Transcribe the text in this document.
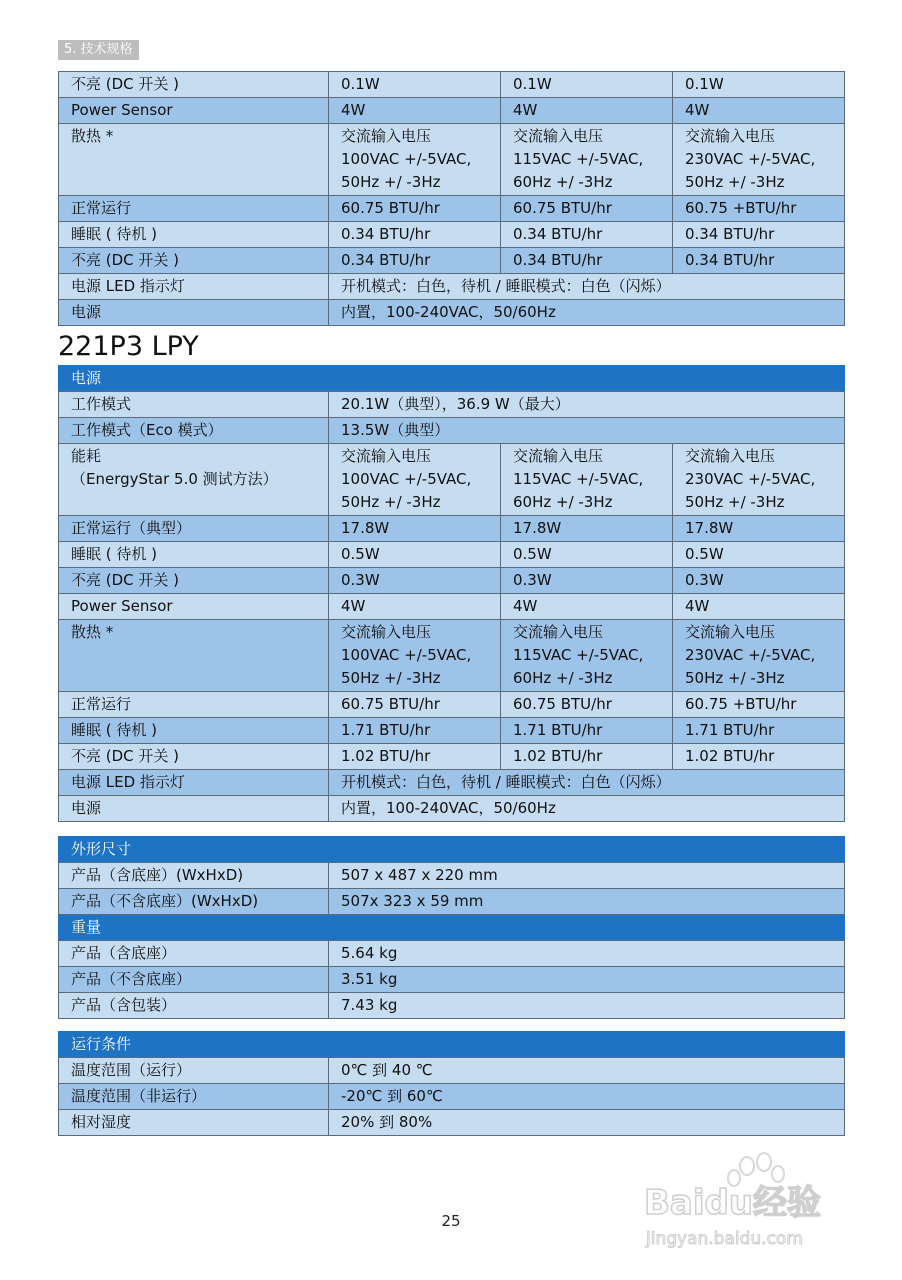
5. 技术规格
不亮 (DC 开关 )	0.1W	0.1W	0.1W
Power Sensor	4W	4W	4W
散热 *	交流输入电压
100VAC +/-5VAC,
50Hz +/ -3Hz	交流输入电压
115VAC +/-5VAC,
60Hz +/ -3Hz	交流输入电压
230VAC +/-5VAC,
50Hz +/ -3Hz
正常运行	60.75 BTU/hr	60.75 BTU/hr	60.75 +BTU/hr
睡眠 ( 待机 )	0.34 BTU/hr	0.34 BTU/hr	0.34 BTU/hr
不亮 (DC 开关 )	0.34 BTU/hr	0.34 BTU/hr	0.34 BTU/hr
电源 LED 指示灯	开机模式：白色，待机 / 睡眠模式：白色（闪烁）		
电源	内置，100-240VAC，50/60Hz		
221P3 LPY
电源			
工作模式	20.1W（典型），36.9 W（最大）		
工作模式（Eco 模式）	13.5W（典型）		
能耗
（EnergyStar 5.0 测试方法）	交流输入电压
100VAC +/-5VAC,
50Hz +/ -3Hz	交流输入电压
115VAC +/-5VAC,
60Hz +/ -3Hz	交流输入电压
230VAC +/-5VAC,
50Hz +/ -3Hz
正常运行（典型）	17.8W	17.8W	17.8W
睡眠 ( 待机 )	0.5W	0.5W	0.5W
不亮 (DC 开关 )	0.3W	0.3W	0.3W
Power Sensor	4W	4W	4W
散热 *	交流输入电压
100VAC +/-5VAC,
50Hz +/ -3Hz	交流输入电压
115VAC +/-5VAC,
60Hz +/ -3Hz	交流输入电压
230VAC +/-5VAC,
50Hz +/ -3Hz
正常运行	60.75 BTU/hr	60.75 BTU/hr	60.75 +BTU/hr
睡眠 ( 待机 )	1.71 BTU/hr	1.71 BTU/hr	1.71 BTU/hr
不亮 (DC 开关 )	1.02 BTU/hr	1.02 BTU/hr	1.02 BTU/hr
电源 LED 指示灯	开机模式：白色，待机 / 睡眠模式：白色（闪烁）		
电源	内置，100-240VAC，50/60Hz		
外形尺寸	
产品（含底座）(WxHxD)	507 x 487 x 220 mm
产品（不含底座）(WxHxD)	507x 323 x 59 mm
重量	
产品（含底座）	5.64 kg
产品（不含底座）	3.51 kg
产品（含包装）	7.43 kg
运行条件	
温度范围（运行）	0℃ 到 40 ℃
温度范围（非运行）	-20℃ 到 60℃
相对湿度	20% 到 80%
25	Baidu经验
jingyan.baidu.com
